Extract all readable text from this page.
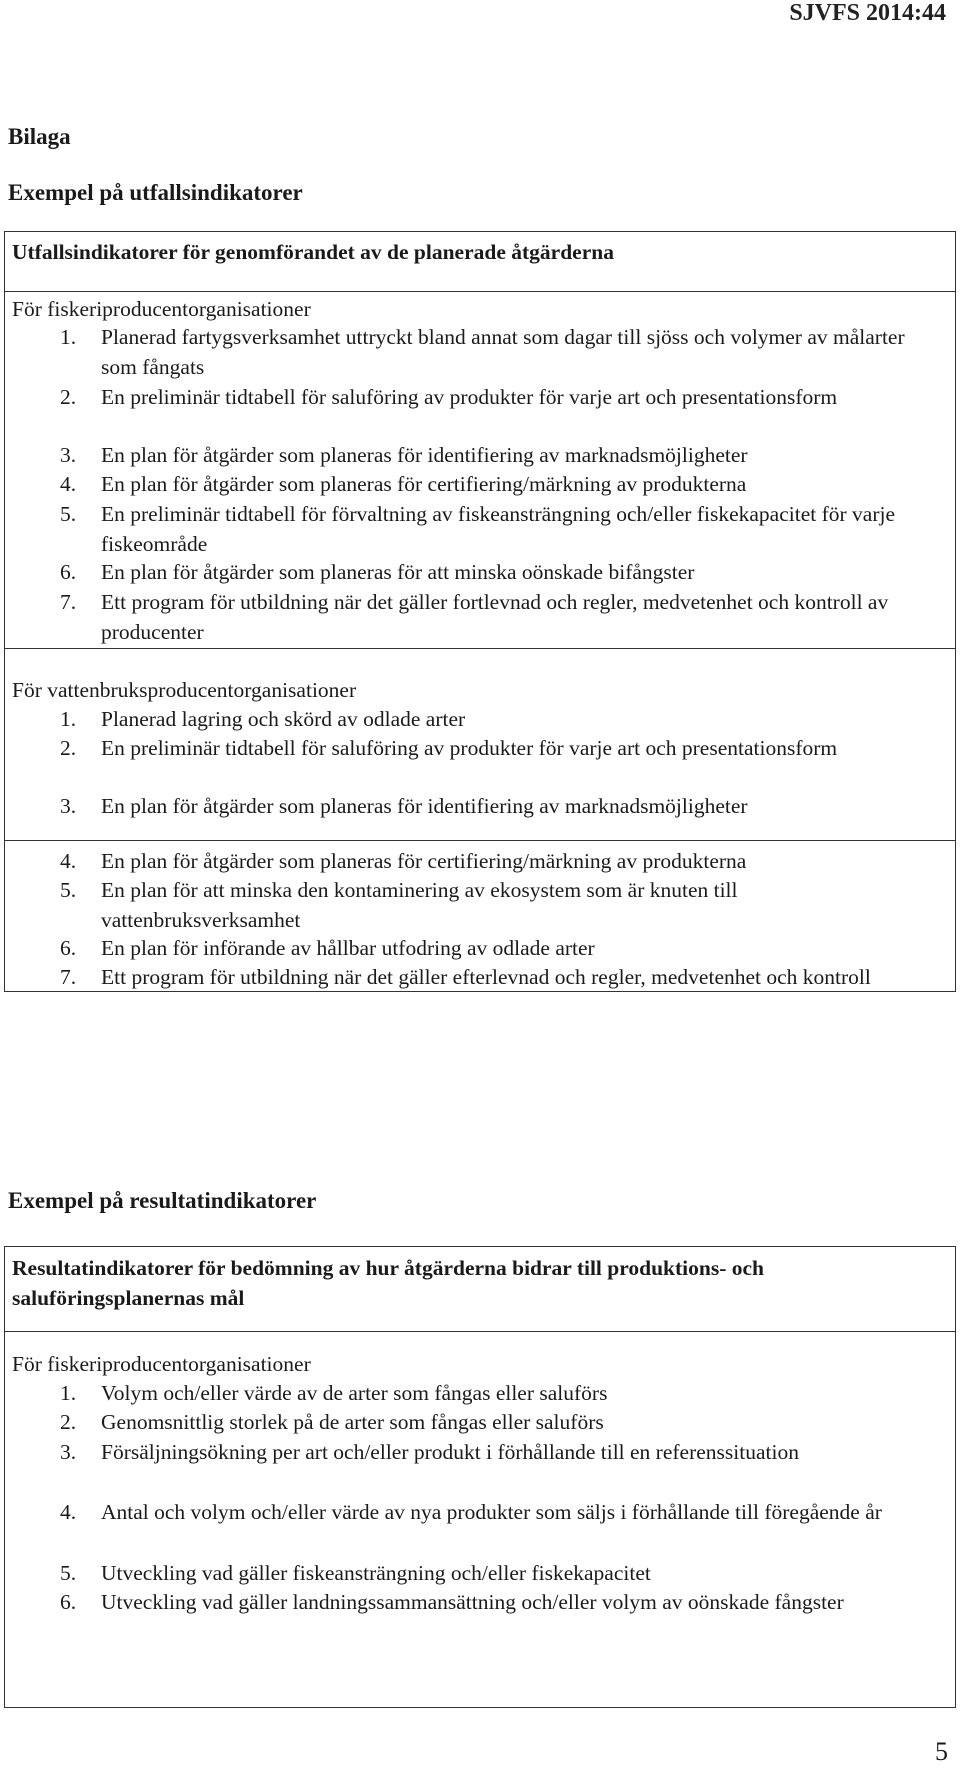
SJVFS 2014:44
Bilaga
Exempel på utfallsindikatorer
Utfallsindikatorer för genomförandet av de planerade åtgärderna
För fiskeriproducentorganisationer
1.	Planerad fartygsverksamhet uttryckt bland annat som dagar till sjöss och volymer av målarter som fångats
2.	En preliminär tidtabell för saluföring av produkter för varje art och presentationsform
3.	En plan för åtgärder som planeras för identifiering av marknadsmöjligheter
4.	En plan för åtgärder som planeras för certifiering/märkning av produkterna
5.	En preliminär tidtabell för förvaltning av fiskeansträngning och/eller fiskekapacitet för varje fiskeområde
6.	En plan för åtgärder som planeras för att minska oönskade bifångster
7.	Ett program för utbildning när det gäller fortlevnad och regler, medvetenhet och kontroll av producenter
För vattenbruksproducentorganisationer
1.	Planerad lagring och skörd av odlade arter
2.	En preliminär tidtabell för saluföring av produkter för varje art och presentationsform
3.	En plan för åtgärder som planeras för identifiering av marknadsmöjligheter
4.	En plan för åtgärder som planeras för certifiering/märkning av produkterna
5.	En plan för att minska den kontaminering av ekosystem som är knuten till vattenbruksverksamhet
6.	En plan för införande av hållbar utfodring av odlade arter
7.	Ett program för utbildning när det gäller efterlevnad och regler, medvetenhet och kontroll
Exempel på resultatindikatorer
Resultatindikatorer för bedömning av hur åtgärderna bidrar till produktions- och saluföringsplanernas mål
För fiskeriproducentorganisationer
1.	Volym och/eller värde av de arter som fångas eller saluförs
2.	Genomsnittlig storlek på de arter som fångas eller saluförs
3.	Försäljningsökning per art och/eller produkt i förhållande till en referenssituation
4.	Antal och volym och/eller värde av nya produkter som säljs i förhållande till föregående år
5.	Utveckling vad gäller fiskeansträngning och/eller fiskekapacitet
6.	Utveckling vad gäller landningssammansättning och/eller volym av oönskade fångster
5
